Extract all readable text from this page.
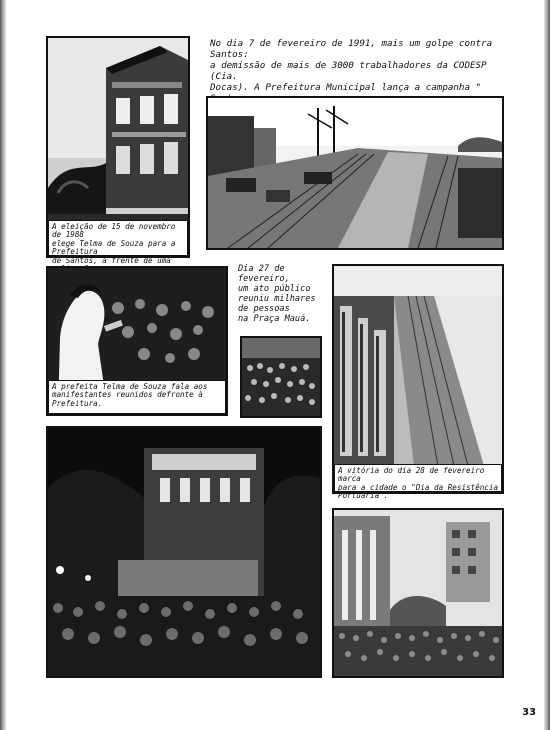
A eleição de 15 de novembro de 1988
elege Telma de Souza para a Prefeitura
de Santos, à frente de uma

No dia 7 de fevereiro de 1991, mais um golpe contra Santos:
a demissão de mais de 3000 trabalhadores da CODESP (Cia.
Docas). A Prefeitura Municipal lança a campanha "

A prefeita Telma de Souza fala aos
manifestantes reunidos defronte à
Prefeitura.
Dia 27 de fevereiro,
um ato público
reuniu milhares
de pessoas
na Praça Mauá.
A vitória do dia 28 de fevereiro marca
para a cidade o "Dia da Resistência
Portuária".
33
